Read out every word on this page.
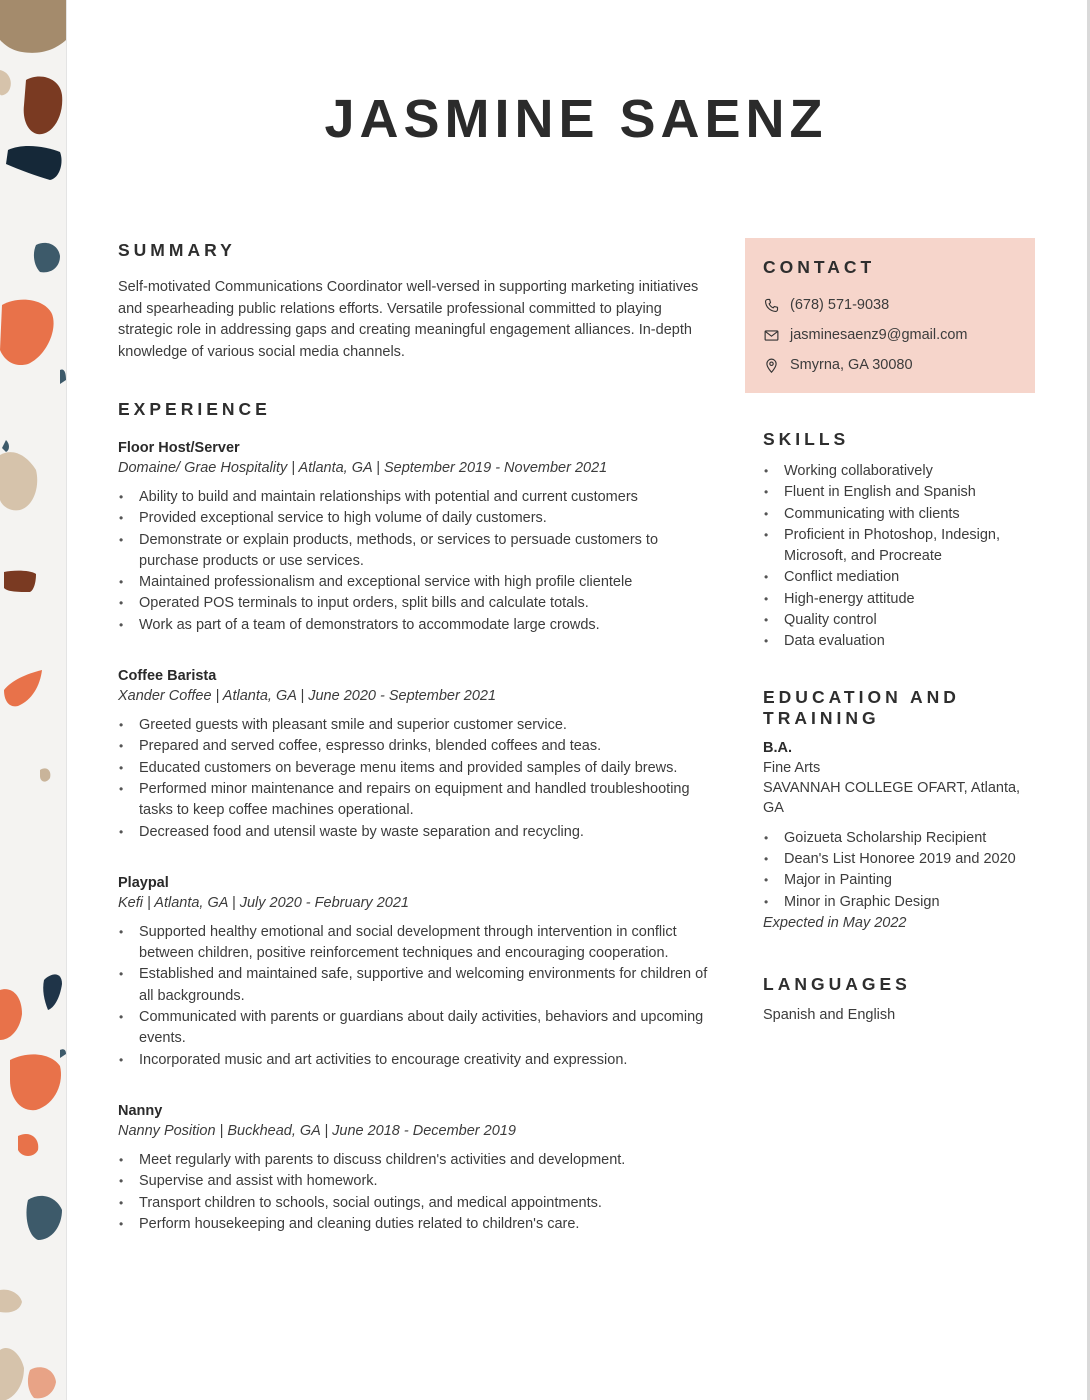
JASMINE SAENZ
SUMMARY

Self-motivated Communications Coordinator well-versed in supporting marketing initiatives and spearheading public relations efforts. Versatile professional committed to playing strategic role in addressing gaps and creating meaningful engagement alliances. In-depth knowledge of various social media channels.

EXPERIENCE
Floor Host/Server
Domaine/ Grae Hospitality | Atlanta, GA | September 2019 - November 2021
• Ability to build and maintain relationships with potential and current customers
• Provided exceptional service to high volume of daily customers.
• Demonstrate or explain products, methods, or services to persuade customers to purchase products or use services.
• Maintained professionalism and exceptional service with high profile clientele
• Operated POS terminals to input orders, split bills and calculate totals.
• Work as part of a team of demonstrators to accommodate large crowds.
Coffee Barista
Xander Coffee | Atlanta, GA | June 2020 - September 2021
• Greeted guests with pleasant smile and superior customer service.
• Prepared and served coffee, espresso drinks, blended coffees and teas.
• Educated customers on beverage menu items and provided samples of daily brews.
• Performed minor maintenance and repairs on equipment and handled troubleshooting tasks to keep coffee machines operational.
• Decreased food and utensil waste by waste separation and recycling.
Playpal
Kefi | Atlanta, GA | July 2020 - February 2021
• Supported healthy emotional and social development through intervention in conflict between children, positive reinforcement techniques and encouraging cooperation.
• Established and maintained safe, supportive and welcoming environments for children of all backgrounds.
• Communicated with parents or guardians about daily activities, behaviors and upcoming events.
• Incorporated music and art activities to encourage creativity and expression.
Nanny
Nanny Position | Buckhead, GA | June 2018 - December 2019
• Meet regularly with parents to discuss children's activities and development.
• Supervise and assist with homework.
• Transport children to schools, social outings, and medical appointments.
• Perform housekeeping and cleaning duties related to children's care.
CONTACT
(678) 571-9038
jasminesaenz9@gmail.com
Smyrna, GA 30080
SKILLS
• Working collaboratively
• Fluent in English and Spanish
• Communicating with clients
• Proficient in Photoshop, Indesign, Microsoft, and Procreate
• Conflict mediation
• High-energy attitude
• Quality control
• Data evaluation
EDUCATION AND TRAINING
B.A.
Fine Arts
SAVANNAH COLLEGE OFART, Atlanta, GA
• Goizueta Scholarship Recipient
• Dean's List Honoree 2019 and 2020
• Major in Painting
• Minor in Graphic Design
Expected in May 2022
LANGUAGES

Spanish and English
